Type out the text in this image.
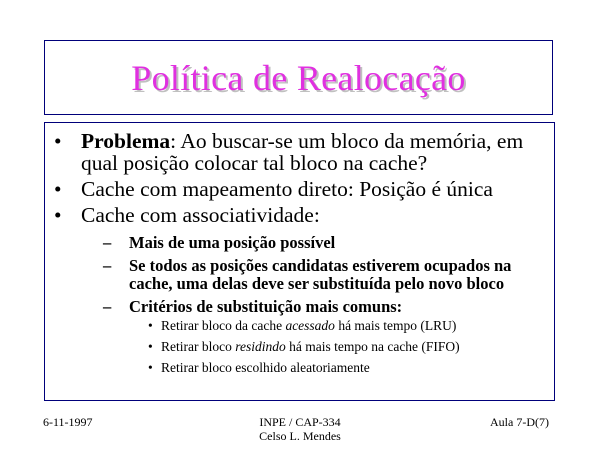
Política de Realocação
• Problema: Ao buscar-se um bloco da memória, em qual posição colocar tal bloco na cache?
• Cache com mapeamento direto: Posição é única
• Cache com associatividade:
– Mais de uma posição possível
– Se todos as posições candidatas estiverem ocupados na cache, uma delas deve ser substituída pelo novo bloco
– Critérios de substituição mais comuns:
• Retirar bloco da cache acessado há mais tempo (LRU)
• Retirar bloco residindo há mais tempo na cache (FIFO)
• Retirar bloco escolhido aleatoriamente
6-11-1997	INPE / CAP-334
Celso L. Mendes
Aula 7-D(7)
